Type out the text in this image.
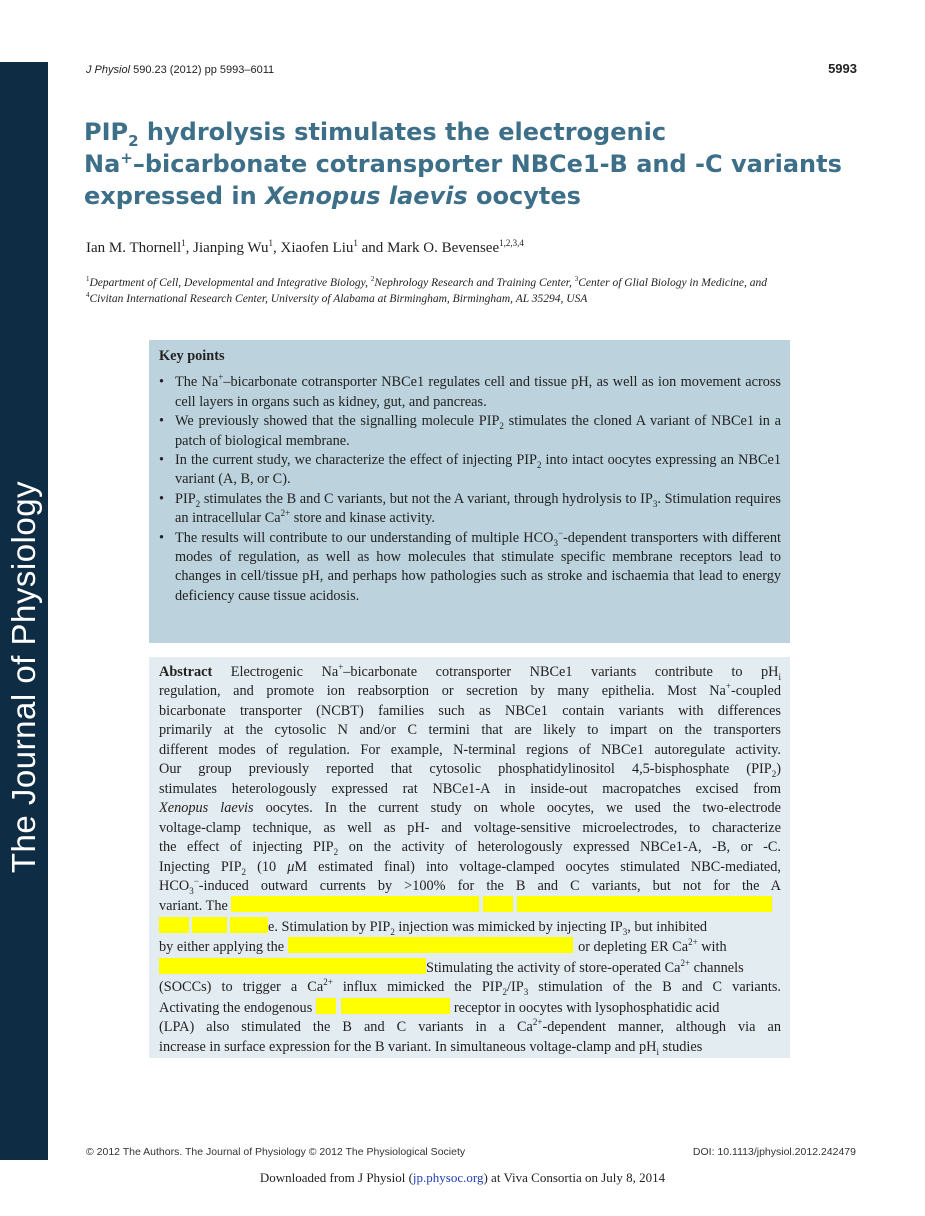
The Journal of Physiology
J Physiol 590.23 (2012) pp 5993–6011	5993
$PIP_2$ hydrolysis stimulates the electrogenic
Na+–bicarbonate cotransporter NBCe1-B and -C variants
expressed in Xenopus laevis oocytes
Ian M. Thornell$^1$, Jianping Wu$^1$, Xiaofen Liu$^1$ and Mark O. Bevensee$^{1,2,3,4}$
$^1$Department of Cell, Developmental and Integrative Biology, $^2$Nephrology Research and Training Center, $^3$Center of Glial Biology in Medicine, and
$^4$Civitan International Research Center, University of Alabama at Birmingham, Birmingham, AL 35294, USA
Key points
• The Na+–bicarbonate cotransporter NBCe1 regulates cell and tissue pH, as well as ion movement across cell layers in organs such as kidney, gut, and pancreas.
• We previously showed that the signalling molecule $PIP_2$ stimulates the cloned A variant of NBCe1 in a patch of biological membrane.
• In the current study, we characterize the effect of injecting $PIP_2$ into intact oocytes expressing an NBCe1 variant (A, B, or C).
• $PIP_2$ stimulates the B and C variants, but not the A variant, through hydrolysis to $IP_3$. Stimulation requires an intracellular $Ca^{2+}$ store and kinase activity.
• The results will contribute to our understanding of multiple $HCO_3^-$-dependent transporters with different modes of regulation, as well as how molecules that stimulate specific membrane receptors lead to changes in cell/tissue pH, and perhaps how pathologies such as stroke and ischaemia that lead to energy deficiency cause tissue acidosis.
Abstract Electrogenic Na+–bicarbonate cotransporter NBCe1 variants contribute to $pH_i$
regulation, and promote ion reabsorption or secretion by many epithelia. Most Na+-coupled
bicarbonate transporter (NCBT) families such as NBCe1 contain variants with differences
primarily at the cytosolic N and/or C termini that are likely to impart on the transporters
different modes of regulation. For example, N-terminal regions of NBCe1 autoregulate activity.
Our group previously reported that cytosolic phosphatidylinositol 4,5-bisphosphate $(PIP_2)$
stimulates heterologously expressed rat NBCe1-A in inside-out macropatches excised from
Xenopus laevis oocytes. In the current study on whole oocytes, we used the two-electrode
voltage-clamp technique, as well as pH- and voltage-sensitive microelectrodes, to characterize
the effect of injecting $PIP_2$ on the activity of heterologously expressed NBCe1-A, -B, or -C.
Injecting $PIP_2$ (10 μM estimated final) into voltage-clamped oocytes stimulated NBC-mediated,
$HCO_3^-$-induced outward currents by >100% for the B and C variants, but not for the A
variant. The
e. Stimulation by $PIP_2$ injection was mimicked by injecting $IP_3$, but inhibited
by either applying the	or depleting ER $Ca^{2+}$ with
Stimulating the activity of store-operated $Ca^{2+}$ channels
(SOCCs) to trigger a $Ca^{2+}$ influx mimicked the $PIP_2/IP_3$ stimulation of the B and C variants.
Activating the endogenous	receptor in oocytes with lysophosphatidic acid
(LPA) also stimulated the B and C variants in a $Ca^{2+}$-dependent manner, although via an
increase in surface expression for the B variant. In simultaneous voltage-clamp and $pH_i$ studies
© 2012 The Authors. The Journal of Physiology © 2012 The Physiological Society	DOI: 10.1113/jphysiol.2012.242479
Downloaded from J Physiol (jp.physoc.org) at Viva Consortia on July 8, 2014
